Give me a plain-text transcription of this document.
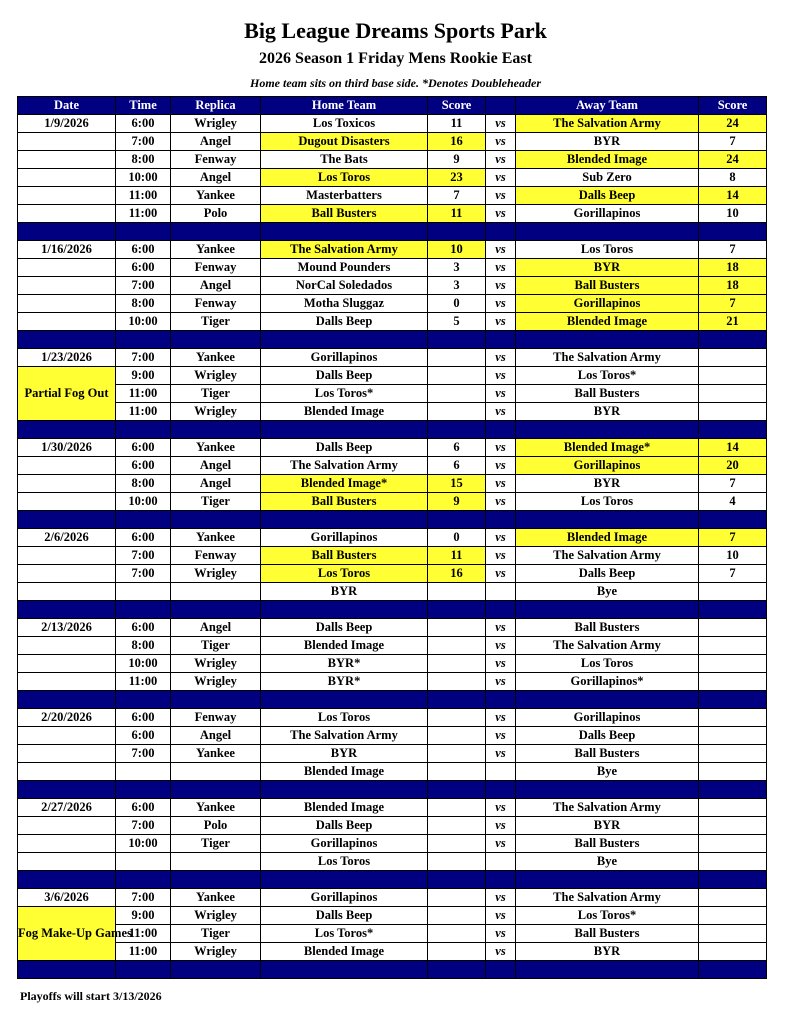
Big League Dreams Sports Park
2026 Season 1 Friday Mens Rookie East
Home team sits on third base side. *Denotes Doubleheader
Date	Time	Replica	Home Team	Score		Away Team	Score
1/9/2026	6:00	Wrigley	Los Toxicos	11	vs	The Salvation Army	24
	7:00	Angel	Dugout Disasters	16	vs	BYR	7
	8:00	Fenway	The Bats	9	vs	Blended Image	24
	10:00	Angel	Los Toros	23	vs	Sub Zero	8
	11:00	Yankee	Masterbatters	7	vs	Dalls Beep	14
	11:00	Polo	Ball Busters	11	vs	Gorillapinos	10

1/16/2026	6:00	Yankee	The Salvation Army	10	vs	Los Toros	7
	6:00	Fenway	Mound Pounders	3	vs	BYR	18
	7:00	Angel	NorCal Soledados	3	vs	Ball Busters	18
	8:00	Fenway	Motha Sluggaz	0	vs	Gorillapinos	7
	10:00	Tiger	Dalls Beep	5	vs	Blended Image	21

1/23/2026	7:00	Yankee	Gorillapinos		vs	The Salvation Army	
Partial Fog Out	9:00	Wrigley	Dalls Beep		vs	Los Toros*	
	11:00	Tiger	Los Toros*		vs	Ball Busters	
	11:00	Wrigley	Blended Image		vs	BYR	

1/30/2026	6:00	Yankee	Dalls Beep	6	vs	Blended Image*	14
	6:00	Angel	The Salvation Army	6	vs	Gorillapinos	20
	8:00	Angel	Blended Image*	15	vs	BYR	7
	10:00	Tiger	Ball Busters	9	vs	Los Toros	4

2/6/2026	6:00	Yankee	Gorillapinos	0	vs	Blended Image	7
	7:00	Fenway	Ball Busters	11	vs	The Salvation Army	10
	7:00	Wrigley	Los Toros	16	vs	Dalls Beep	7
			BYR			Bye	

2/13/2026	6:00	Angel	Dalls Beep		vs	Ball Busters	
	8:00	Tiger	Blended Image		vs	The Salvation Army	
	10:00	Wrigley	BYR*		vs	Los Toros	
	11:00	Wrigley	BYR*		vs	Gorillapinos*	

2/20/2026	6:00	Fenway	Los Toros		vs	Gorillapinos	
	6:00	Angel	The Salvation Army		vs	Dalls Beep	
	7:00	Yankee	BYR		vs	Ball Busters	
			Blended Image			Bye	

2/27/2026	6:00	Yankee	Blended Image		vs	The Salvation Army	
	7:00	Polo	Dalls Beep		vs	BYR	
	10:00	Tiger	Gorillapinos		vs	Ball Busters	
			Los Toros			Bye	

3/6/2026	7:00	Yankee	Gorillapinos		vs	The Salvation Army	
Fog Make-Up Games	9:00	Wrigley	Dalls Beep		vs	Los Toros*	
	11:00	Tiger	Los Toros*		vs	Ball Busters	
	11:00	Wrigley	Blended Image		vs	BYR	

Playoffs will start 3/13/2026
